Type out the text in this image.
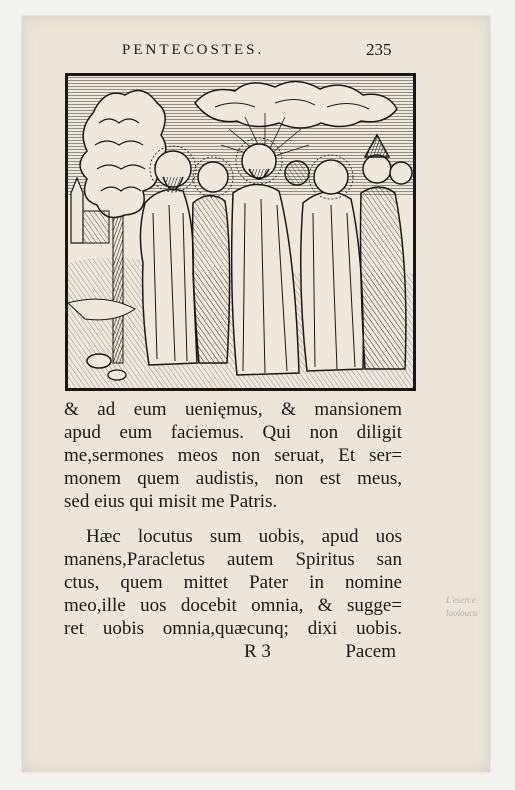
PENTECOSTES.	235
& ad eum uenięmus, & mansionem
apud eum faciemus. Qui non diligit
me,sermones meos non seruat, Et ser=
monem quem audistis, non est meus,
sed eius qui misit me Patris.
Hæc locutus sum uobis, apud uos
manens,Paracletus autem Spiritus san
ctus, quem mittet Pater in nomine
meo,ille uos docebit omnia, & sugge=
ret uobis omnia,quæcunq; dixi uobis.
R 3	Pacem
L'eserce
luoloucu
